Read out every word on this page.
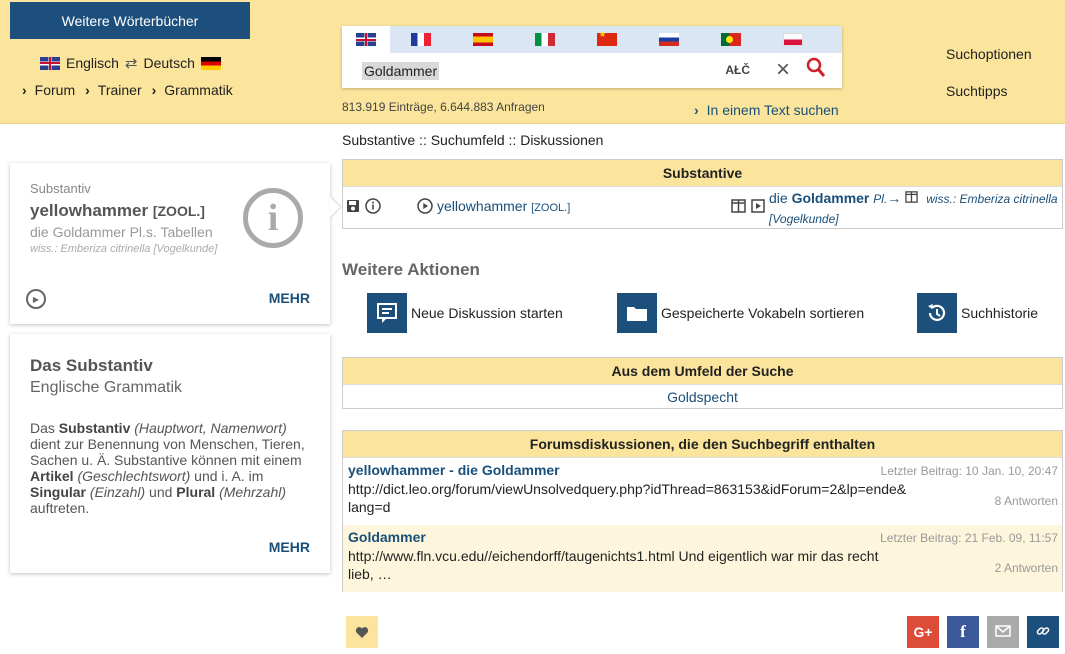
Weitere Wörterbücher
Englisch ⇄ Deutsch
› Forum › Trainer › Grammatik
★
Goldammer	AŁČ ×
813.919 Einträge, 6.644.883 Anfragen	› In einem Text suchen
Suchoptionen
Suchtipps
Substantive :: Suchumfeld :: Diskussionen
Substantiv
yellowhammer [ZOOL.]
die Goldammer Pl.s. Tabellen
wiss.: Emberiza citrinella [Vogelkunde]
i
▶	MEHR
Das Substantiv
Englische Grammatik
Das Substantiv (Hauptwort, Namenwort) dient zur Benennung von Menschen, Tieren, Sachen u. Ä. Substantive können mit einem Artikel (Geschlechtswort) und i. A. im Singular (Einzahl) und Plural (Mehrzahl) auftreten.
MEHR
Substantive
yellowhammer [ZOOL.]
die Goldammer Pl.→ wiss.: Emberiza citrinella [Vogelkunde]
Weitere Aktionen
Neue Diskussion starten	Gespeicherte Vokabeln sortieren	Suchhistorie
Aus dem Umfeld der Suche
Goldspecht
Forumsdiskussionen, die den Suchbegriff enthalten
yellowhammer - die Goldammer	Letzter Beitrag: 10 Jan. 10, 20:47
http://dict.leo.org/forum/viewUnsolvedquery.php?idThread=863153&idForum=2&lp=ende&lang=d	8 Antworten
Goldammer	Letzter Beitrag: 21 Feb. 09, 11:57
http://www.fln.vcu.edu//eichendorff/taugenichts1.html Und eigentlich war mir das recht lieb, …	2 Antworten
G+ f
